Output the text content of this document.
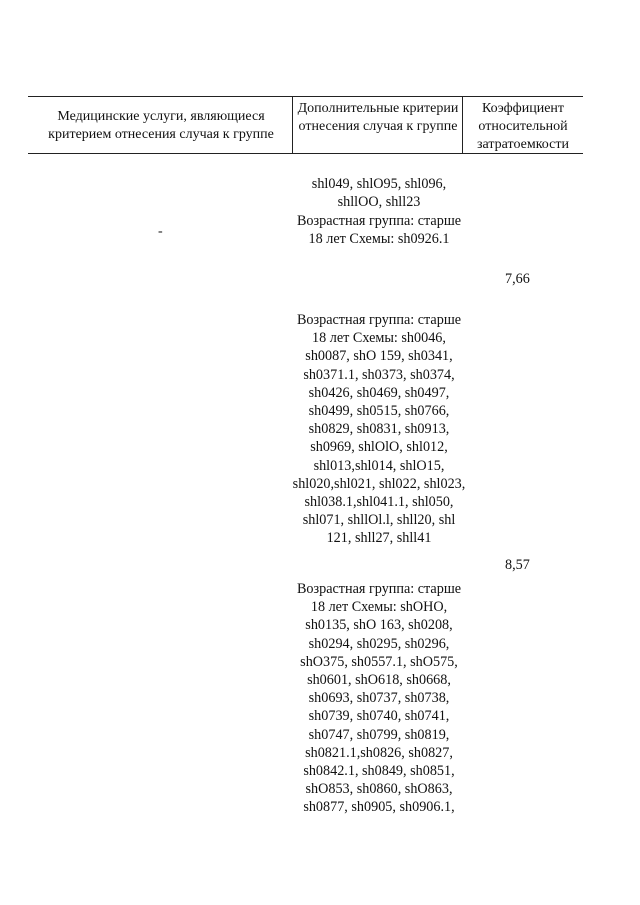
Медицинские услуги, являющиеся критерием отнесения случая к группе
Дополнительные критерии отнесения случая к группе
Коэффициент относительной затратоемкости
-
shl049, shlO95, shl096, shllOO, shll23
Возрастная группа: старше 18 лет Схемы: sh0926.1
7,66
Возрастная группа: старше 18 лет Схемы: sh0046, sh0087, shO 159, sh0341, sh0371.1, sh0373, sh0374, sh0426, sh0469, sh0497, sh0499, sh0515, sh0766, sh0829, sh0831, sh0913, sh0969, shlOlO, shl012, shl013,shl014, shlO15, shl020,shl021, shl022, shl023, shl038.1,shl041.1, shl050, shl071, shllOl.l, shll20, shl 121, shll27, shll41
8,57
Возрастная группа: старше 18 лет Схемы: shOHO, sh0135, shO 163, sh0208, sh0294, sh0295, sh0296, shO375, sh0557.1, shO575, sh0601, shO618, sh0668, sh0693, sh0737, sh0738, sh0739, sh0740, sh0741, sh0747, sh0799, sh0819, sh0821.1,sh0826, sh0827, sh0842.1, sh0849, sh0851, shO853, sh0860, shO863, sh0877, sh0905, sh0906.1,
